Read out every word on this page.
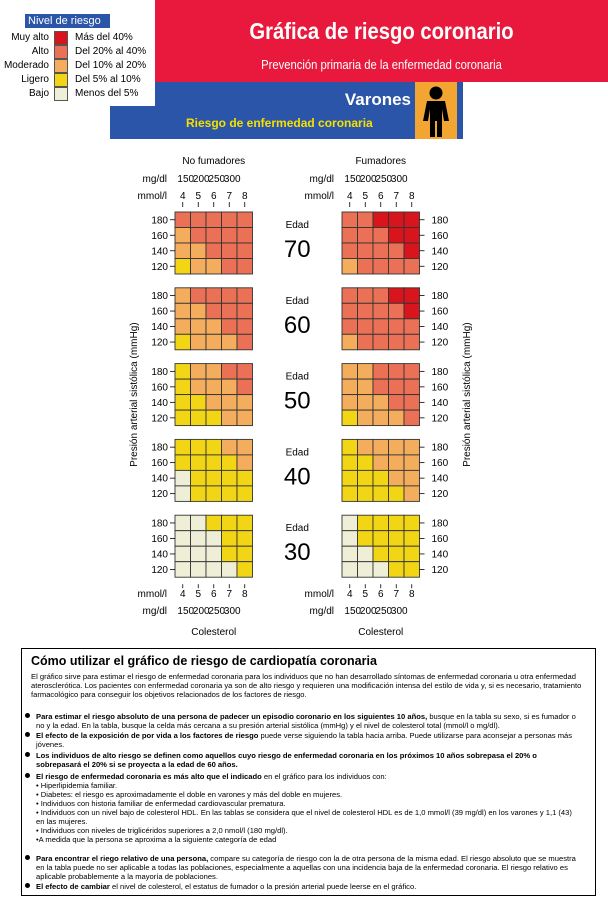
Gráfica de riesgo coronario
Prevención primaria de la enfermedad coronaria
Varones
Riesgo de enfermedad coronaria
Nivel de riesgo
Muy alto	Más del 40%
Alto	Del 20% al 40%
Moderado	Del 10% al 20%
Ligero	Del 5% al 10%
Bajo	Menos del 5%
No fumadores	Fumadores
mg/dl
mmol/l
150
200
250
300
4 5 6 7 8
mg/dl
mmol/l
150
200
250
300
4 5 6 7 8
180
160
140
120
180
160
140
120
Edad
70
180
160
140
120
180
160
140
120
Edad
60
180
160
140
120
180
160
140
120
Edad
50
180
160
140
120
180
160
140
120
Edad
40
180
160
140
120
180
160
140
120
Edad
30
mg/dl
mmol/l
150
200
250
300
4 5 6 7 8
mg/dl
mmol/l
150
200
250
300
4 5 6 7 8
Colesterol	Colesterol
Presión arterial sistólica (mmHg)	Presión arterial sistólica (mmHg)
Cómo utilizar el gráfico de riesgo de cardiopatía coronaria
El gráfico sirve para estimar el riesgo de enfermedad coronaria para los individuos que no han desarrollado síntomas de enfermedad coronaria u otra enfermedad aterosclerótica. Los pacientes con enfermedad coronaria ya son de alto riesgo y requieren una modificación intensa del estilo de vida y, si es necesario, tratamiento farmacológico para conseguir los objetivos relacionados de los factores de riesgo.
Para estimar el riesgo absoluto de una persona de padecer un episodio coronario en los siguientes 10 años, busque en la tabla su sexo, si es fumador o no y la edad. En la tabla, busque la celda más cercana a su presión arterial sistólica (mmHg) y el nivel de colesterol total (mmol/l o mg/dl).
El efecto de la exposición de por vida a los factores de riesgo puede verse siguiendo la tabla hacia arriba. Puede utilizarse para aconsejar a personas más jóvenes.
Los individuos de alto riesgo se definen como aquellos cuyo riesgo de enfermedad coronaria en los próximos 10 años sobrepasa el 20% o sobrepasará el 20% si se proyecta a la edad de 60 años.
El riesgo de enfermedad coronaria es más alto que el indicado en el gráfico para los individuos con:
• Hiperlipidemia familiar.
• Diabetes: el riesgo es aproximadamente el doble en varones y más del doble en mujeres.
• Individuos con historia familiar de enfermedad cardiovascular prematura.
• Individuos con un nivel bajo de colesterol HDL. En las tablas se considera que el nivel de colesterol HDL es de 1,0 mmol/l (39 mg/dl) en los varones y 1,1 (43) en las mujeres.
• Individuos con niveles de triglicéridos superiores a 2,0 nmol/l (180 mg/dl).
•A medida que la persona se aproxima a la siguiente categoría de edad
Para encontrar el riego relativo de una persona, compare su categoría de riesgo con la de otra persona de la misma edad. El riesgo absoluto que se muestra en la tabla puede no ser aplicable a todas las poblaciones, especialmente a aquellas con una incidencia baja de la enfermedad coronaria. El riesgo relativo es aplicable probablemente a la mayoría de poblaciones.
El efecto de cambiar el nivel de colesterol, el estatus de fumador o la presión arterial puede leerse en el gráfico.
